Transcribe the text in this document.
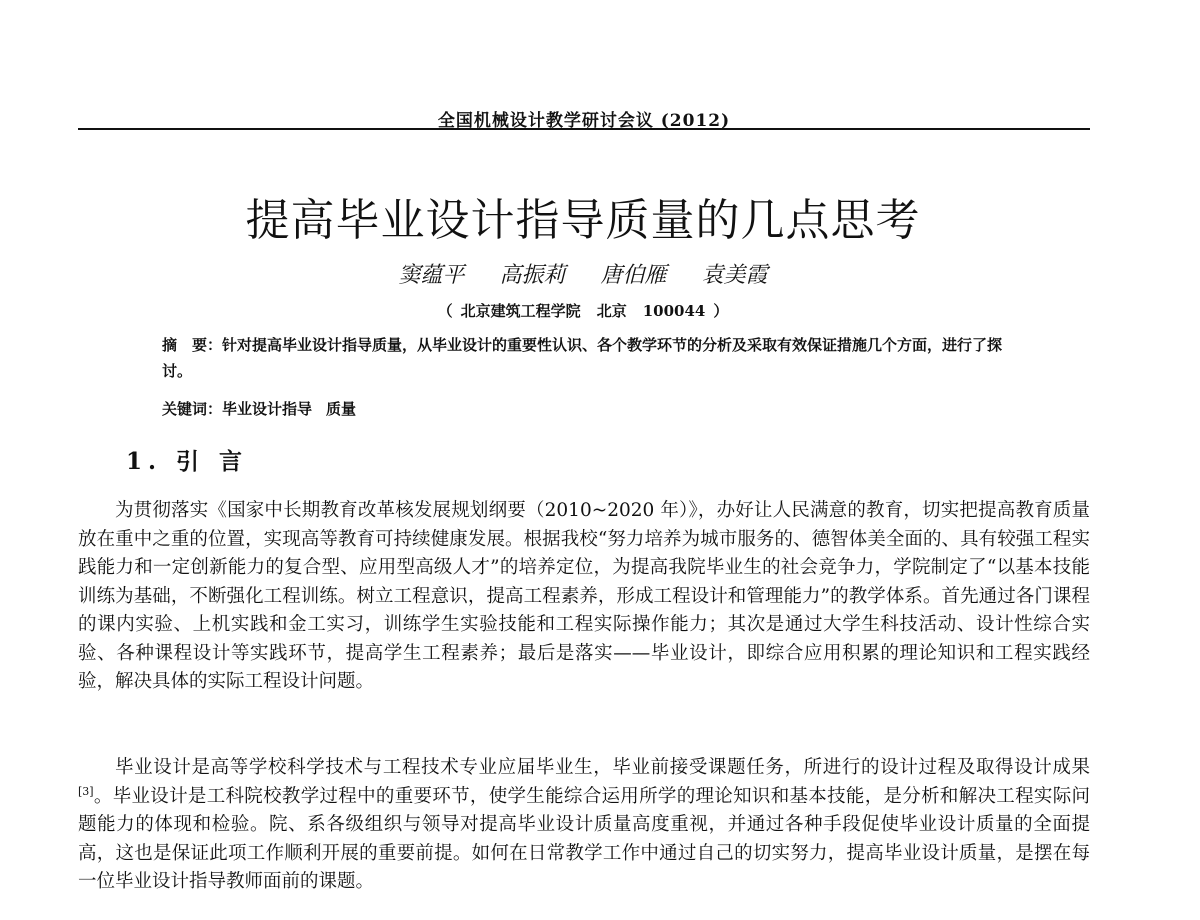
全国机械设计教学研讨会议 (2012)
提高毕业设计指导质量的几点思考
窦蕴平 高振莉 唐伯雁 袁美霞
（ 北京建筑工程学院 北京 100044 ）
摘　要：针对提高毕业设计指导质量，从毕业设计的重要性认识、各个教学环节的分析及采取有效保证措施几个方面，进行了探讨。
关键词：毕业设计指导 质量
1. 引 言

为贯彻落实《国家中长期教育改革核发展规划纲要（2010~2020 年）》，办好让人民满意的教育，切实把提高教育质量放在重中之重的位置，实现高等教育可持续健康发展。根据我校“努力培养为城市服务的、德智体美全面的、具有较强工程实践能力和一定创新能力的复合型、应用型高级人才”的培养定位，为提高我院毕业生的社会竞争力，学院制定了“以基本技能训练为基础，不断强化工程训练。树立工程意识，提高工程素养，形成工程设计和管理能力”的教学体系。首先通过各门课程的课内实验、上机实践和金工实习，训练学生实验技能和工程实际操作能力；其次是通过大学生科技活动、设计性综合实验、各种课程设计等实践环节，提高学生工程素养；最后是落实——毕业设计，即综合应用积累的理论知识和工程实践经验，解决具体的实际工程设计问题。

毕业设计是高等学校科学技术与工程技术专业应届毕业生，毕业前接受课题任务，所进行的设计过程及取得设计成果[3]。毕业设计是工科院校教学过程中的重要环节，使学生能综合运用所学的理论知识和基本技能，是分析和解决工程实际问题能力的体现和检验。院、系各级组织与领导对提高毕业设计质量高度重视，并通过各种手段促使毕业设计质量的全面提高，这也是保证此项工作顺利开展的重要前提。如何在日常教学工作中通过自己的切实努力，提高毕业设计质量，是摆在每一位毕业设计指导教师面前的课题。
